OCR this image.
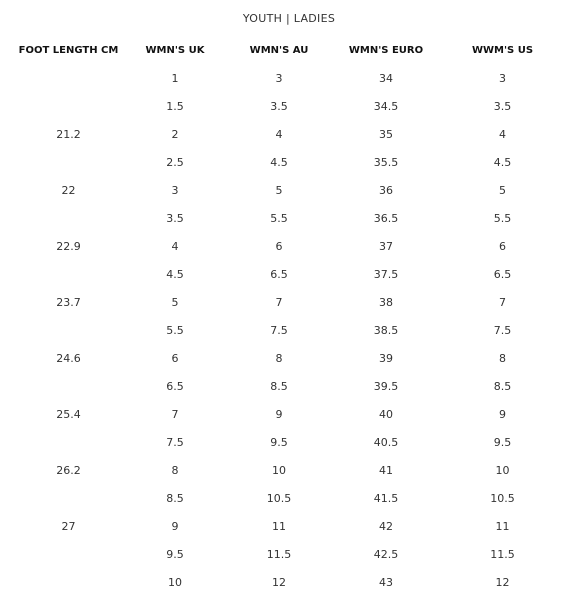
YOUTH | LADIES
FOOT LENGTH CM	WMN'S UK	WMN'S AU	WMN'S EURO	WWM'S US
	1	3	34	3
	1.5	3.5	34.5	3.5
21.2	2	4	35	4
	2.5	4.5	35.5	4.5
22	3	5	36	5
	3.5	5.5	36.5	5.5
22.9	4	6	37	6
	4.5	6.5	37.5	6.5
23.7	5	7	38	7
	5.5	7.5	38.5	7.5
24.6	6	8	39	8
	6.5	8.5	39.5	8.5
25.4	7	9	40	9
	7.5	9.5	40.5	9.5
26.2	8	10	41	10
	8.5	10.5	41.5	10.5
27	9	11	42	11
	9.5	11.5	42.5	11.5
	10	12	43	12
